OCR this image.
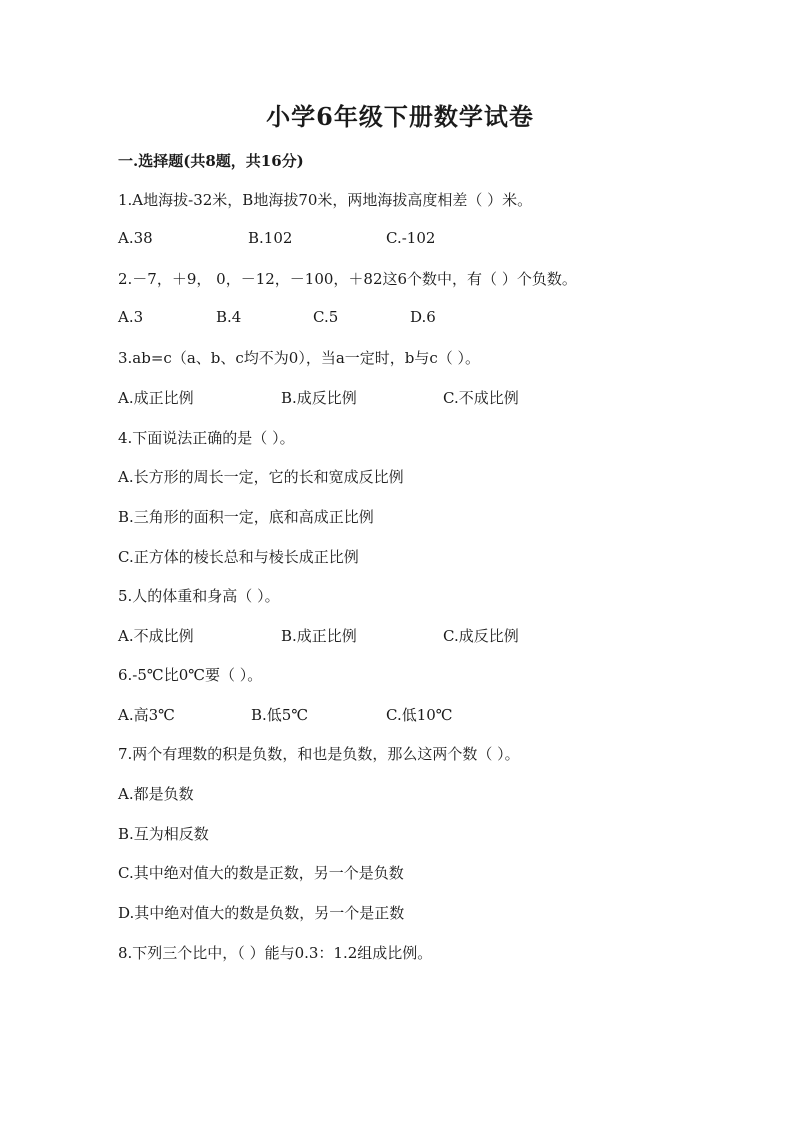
小学6年级下册数学试卷
一.选择题(共8题，共16分)
1.A地海拔-32米，B地海拔70米，两地海拔高度相差（ ）米。
A.38	B.102	C.-102
2.－7，＋9， 0，－12，－100，＋82这6个数中，有（ ）个负数。
A.3	B.4	C.5	D.6
3.ab=c（a、b、c均不为0），当a一定时，b与c（ ）。
A.成正比例	B.成反比例	C.不成比例
4.下面说法正确的是（ ）。
A.长方形的周长一定，它的长和宽成反比例
B.三角形的面积一定，底和高成正比例
C.正方体的棱长总和与棱长成正比例
5.人的体重和身高（ ）。
A.不成比例	B.成正比例	C.成反比例
6.-5℃比0℃要（ ）。
A.高3℃	B.低5℃	C.低10℃
7.两个有理数的积是负数，和也是负数，那么这两个数（ ）。
A.都是负数
B.互为相反数
C.其中绝对值大的数是正数，另一个是负数
D.其中绝对值大的数是负数，另一个是正数
8.下列三个比中，（ ）能与0.3：1.2组成比例。
